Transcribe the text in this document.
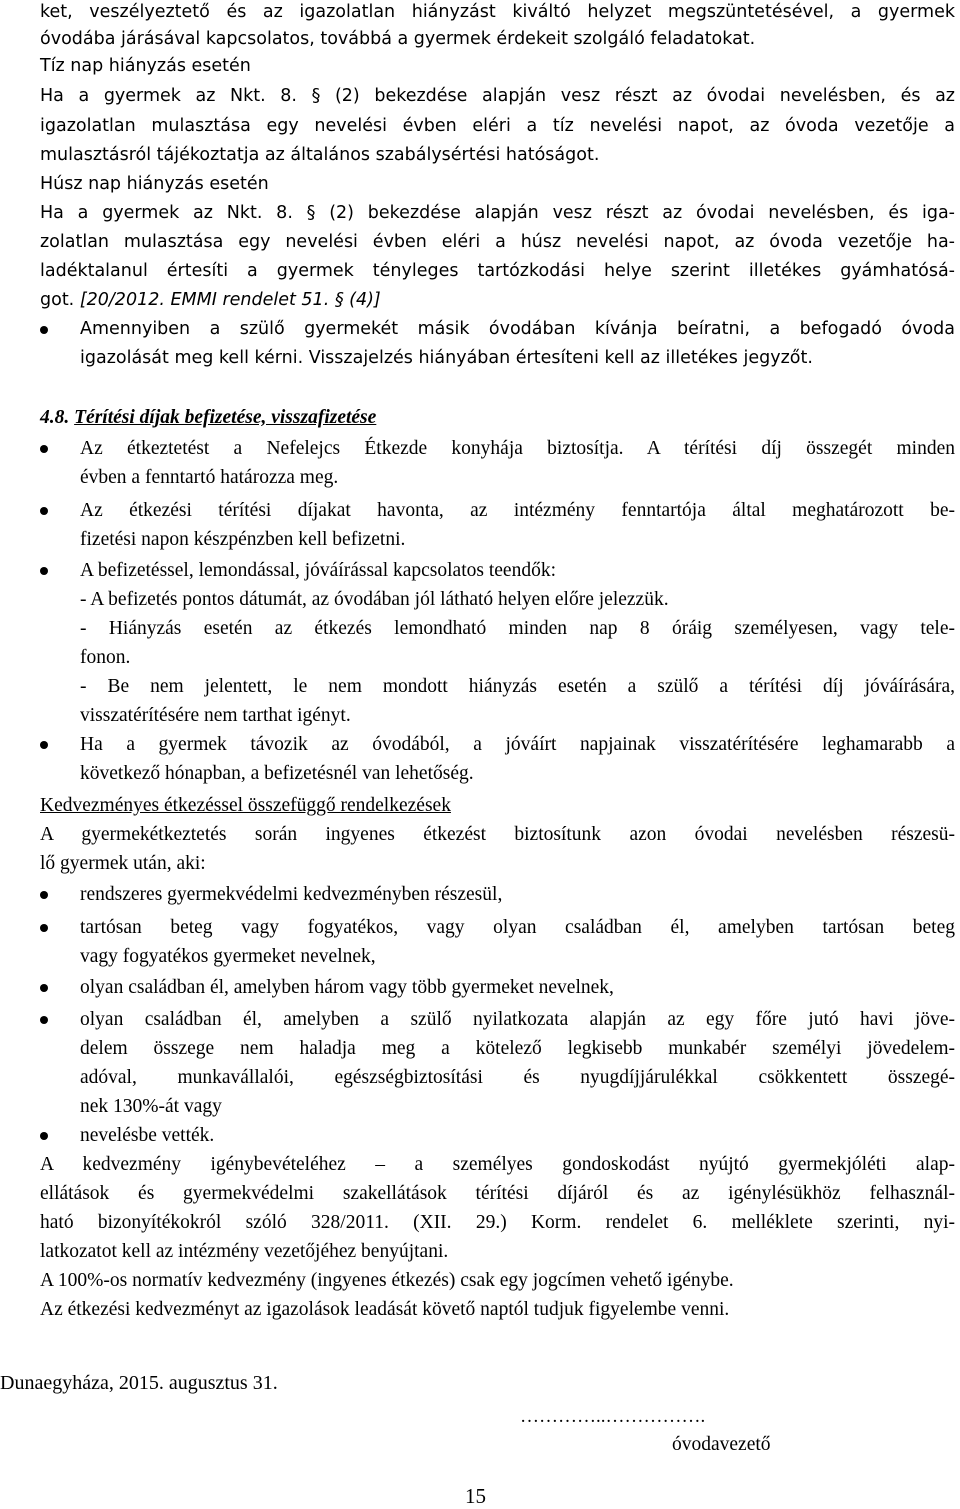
ket, veszélyeztető és az igazolatlan hiányzást kiváltó helyzet megszüntetésével, a gyermek
óvodába járásával kapcsolatos, továbbá a gyermek érdekeit szolgáló feladatokat.
Tíz nap hiányzás esetén
Ha a gyermek az Nkt. 8. § (2) bekezdése alapján vesz részt az óvodai nevelésben, és az
igazolatlan mulasztása egy nevelési évben eléri a tíz nevelési napot, az óvoda vezetője a
mulasztásról tájékoztatja az általános szabálysértési hatóságot.
Húsz nap hiányzás esetén
Ha a gyermek az Nkt. 8. § (2) bekezdése alapján vesz részt az óvodai nevelésben, és iga-
zolatlan mulasztása egy nevelési évben eléri a húsz nevelési napot, az óvoda vezetője ha-
ladéktalanul értesíti a gyermek tényleges tartózkodási helye szerint illetékes gyámhatósá-
got. [20/2012. EMMI rendelet 51. § (4)]
Amennyiben a szülő gyermekét másik óvodában kívánja beíratni, a befogadó óvoda
igazolását meg kell kérni. Visszajelzés hiányában értesíteni kell az illetékes jegyzőt.
4.8. Térítési díjak befizetése, visszafizetése
Az étkeztetést a Nefelejcs Étkezde konyhája biztosítja. A térítési díj összegét minden
évben a fenntartó határozza meg.
Az étkezési térítési díjakat havonta, az intézmény fenntartója által meghatározott be-
fizetési napon készpénzben kell befizetni.
A befizetéssel, lemondással, jóváírással kapcsolatos teendők:
- A befizetés pontos dátumát, az óvodában jól látható helyen előre jelezzük.
- Hiányzás esetén az étkezés lemondható minden nap 8 óráig személyesen, vagy tele-
fonon.
- Be nem jelentett, le nem mondott hiányzás esetén a szülő a térítési díj jóváírására,
visszatérítésére nem tarthat igényt.
Ha a gyermek távozik az óvodából, a jóváírt napjainak visszatérítésére leghamarabb a
következő hónapban, a befizetésnél van lehetőség.
Kedvezményes étkezéssel összefüggő rendelkezések
A gyermekétkeztetés során ingyenes étkezést biztosítunk azon óvodai nevelésben részesü-
lő gyermek után, aki:
rendszeres gyermekvédelmi kedvezményben részesül,
tartósan beteg vagy fogyatékos, vagy olyan családban él, amelyben tartósan beteg
vagy fogyatékos gyermeket nevelnek,
olyan családban él, amelyben három vagy több gyermeket nevelnek,
olyan családban él, amelyben a szülő nyilatkozata alapján az egy főre jutó havi jöve-
delem összege nem haladja meg a kötelező legkisebb munkabér személyi jövedelem-
adóval, munkavállalói, egészségbiztosítási és nyugdíjjárulékkal csökkentett összegé-
nek 130%-át vagy
nevelésbe vették.
A kedvezmény igénybevételéhez – a személyes gondoskodást nyújtó gyermekjóléti alap-
ellátások és gyermekvédelmi szakellátások térítési díjáról és az igénylésükhöz felhasznál-
ható bizonyítékokról szóló 328/2011. (XII. 29.) Korm. rendelet 6. melléklete szerinti, nyi-
latkozatot kell az intézmény vezetőjéhez benyújtani.
A 100%-os normatív kedvezmény (ingyenes étkezés) csak egy jogcímen vehető igénybe.
Az étkezési kedvezményt az igazolások leadását követő naptól tudjuk figyelembe venni.
Dunaegyháza, 2015. augusztus 31.
…………..…………….
óvodavezető
15
